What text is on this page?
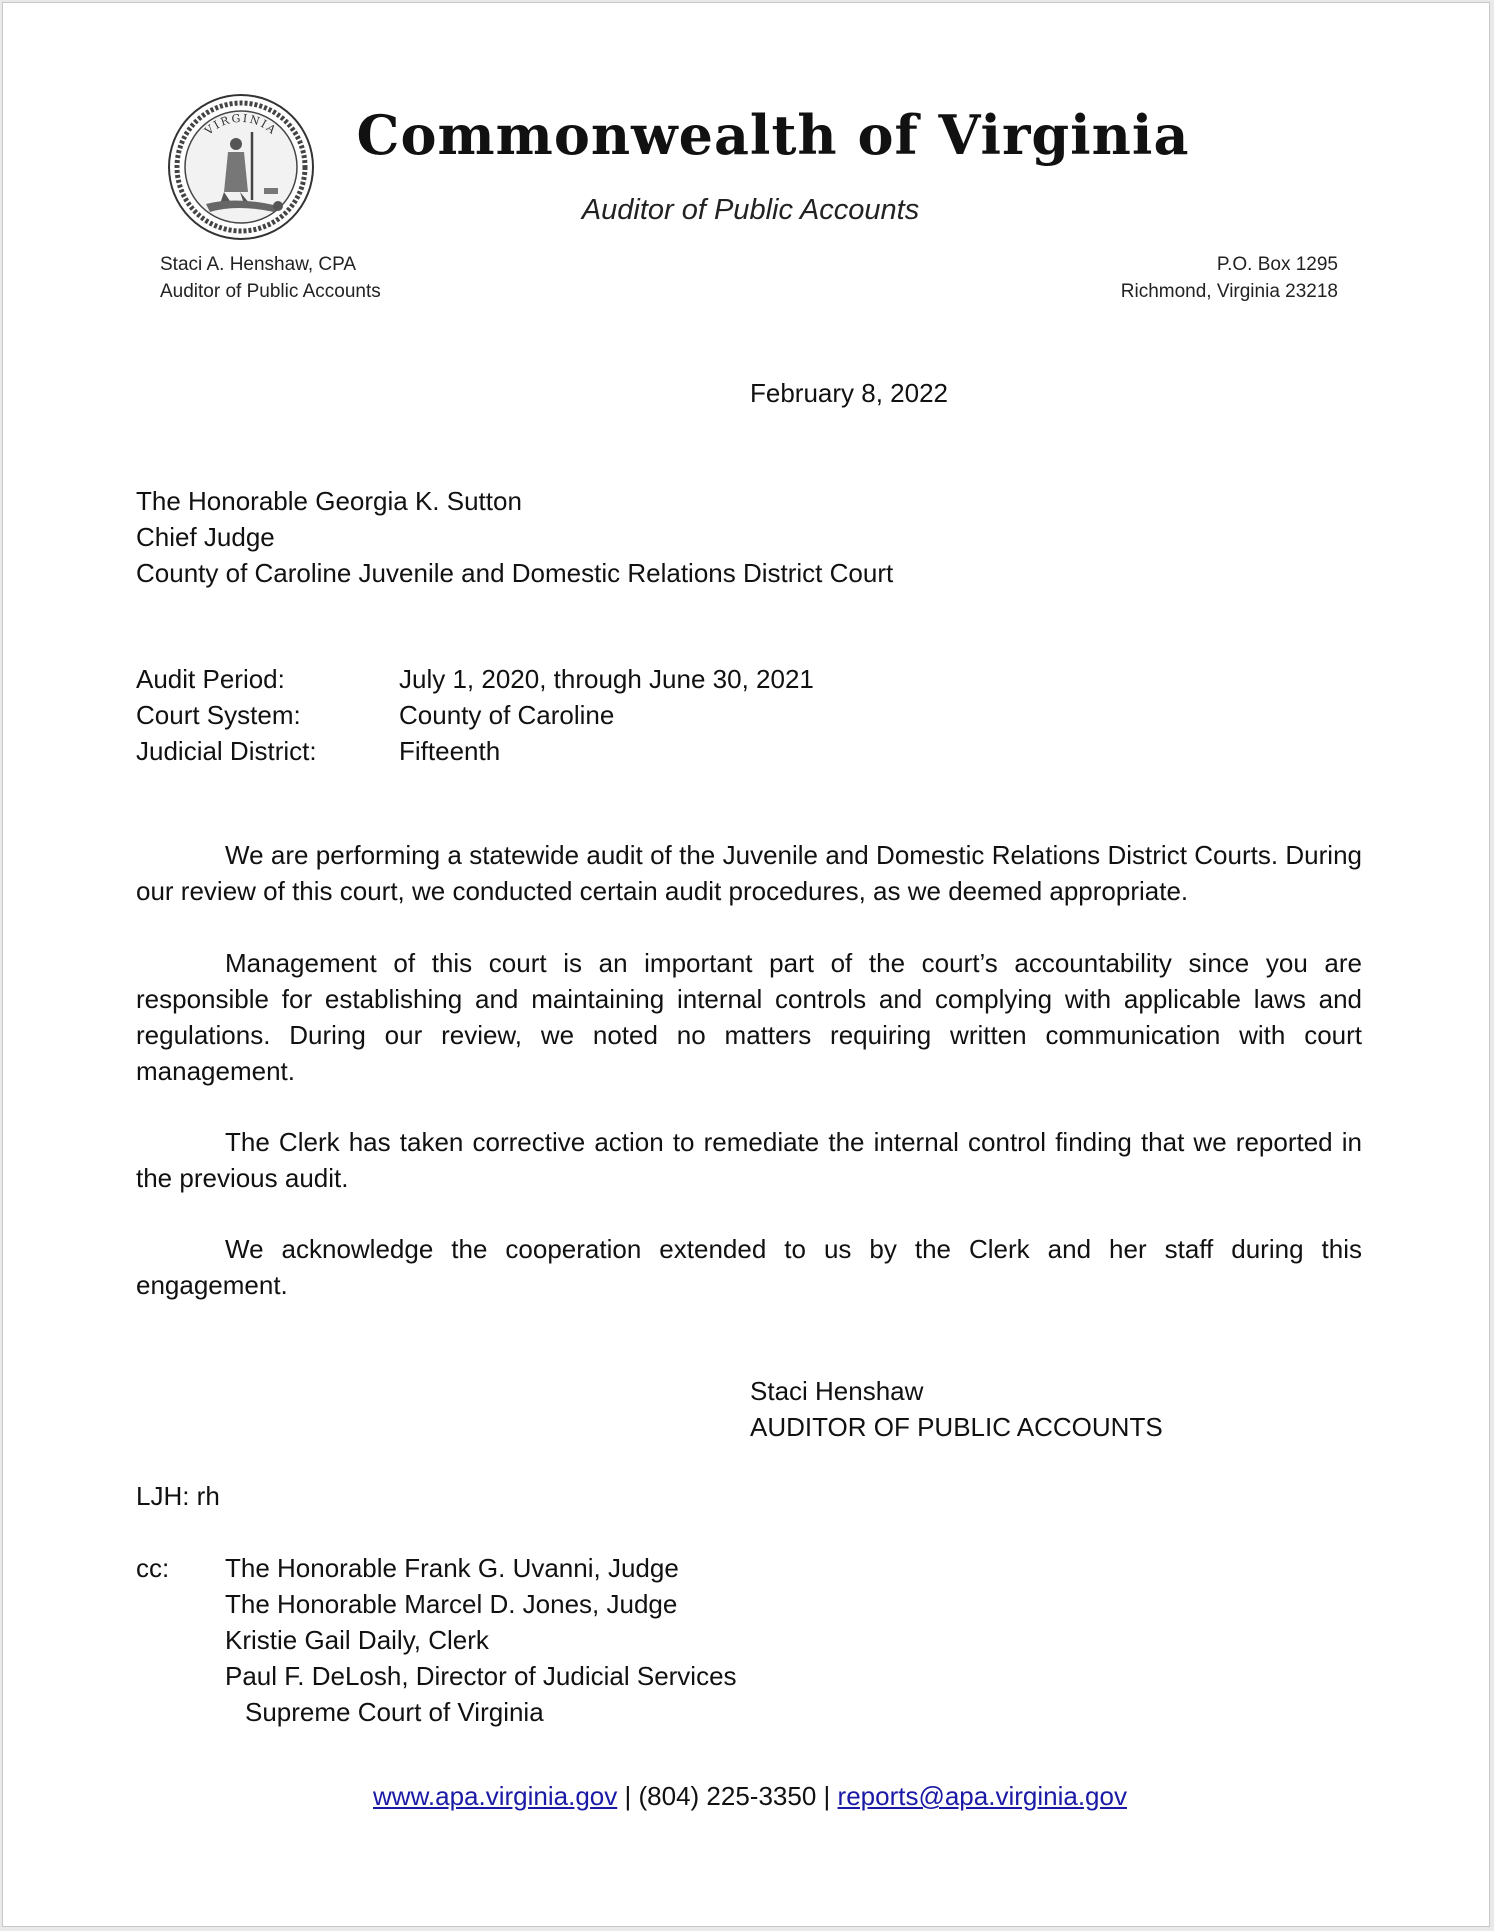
VIRGINIA Commonwealth of Virginia
Auditor of Public Accounts
Staci A. Henshaw, CPA
Auditor of Public Accounts
P.O. Box 1295
Richmond, Virginia 23218
February 8, 2022
The Honorable Georgia K. Sutton
Chief Judge
County of Caroline Juvenile and Domestic Relations District Court
Audit Period:	July 1, 2020, through June 30, 2021
Court System:	County of Caroline
Judicial District:	Fifteenth

We are performing a statewide audit of the Juvenile and Domestic Relations District Courts. During our review of this court, we conducted certain audit procedures, as we deemed appropriate.

Management of this court is an important part of the court’s accountability since you are responsible for establishing and maintaining internal controls and complying with applicable laws and regulations. During our review, we noted no matters requiring written communication with court management.

The Clerk has taken corrective action to remediate the internal control finding that we reported in the previous audit.

We acknowledge the cooperation extended to us by the Clerk and her staff during this engagement.

Staci Henshaw
AUDITOR OF PUBLIC ACCOUNTS
LJH: rh
cc: The Honorable Frank G. Uvanni, Judge
The Honorable Marcel D. Jones, Judge
Kristie Gail Daily, Clerk
Paul F. DeLosh, Director of Judicial Services
Supreme Court of Virginia
www.apa.virginia.gov | (804) 225-3350 | reports@apa.virginia.gov
